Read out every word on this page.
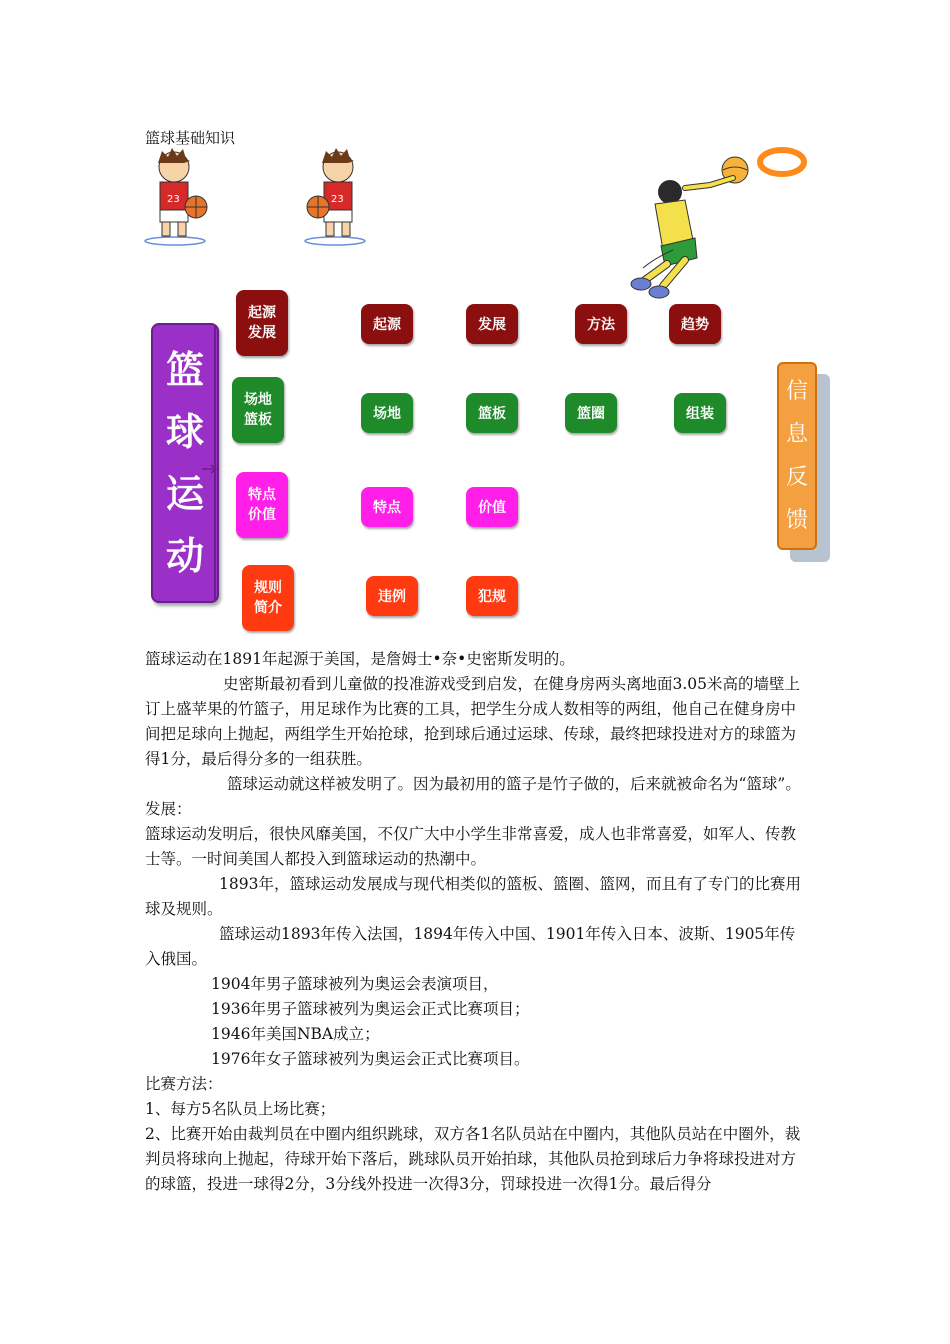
篮球基础知识
23	23
篮
球
运
动
起源
发展
场地
篮板
特点
价值
规则
简介
起源	发展	方法	趋势
场地	篮板	篮圈	组装
特点	价值
违例	犯规
信
息
反
馈

篮球运动在1891年起源于美国，是詹姆士•奈•史密斯发明的。

史密斯最初看到儿童做的投准游戏受到启发，在健身房两头离地面3.05米高的墙壁上订上盛苹果的竹篮子，用足球作为比赛的工具，把学生分成人数相等的两组，他自己在健身房中间把足球向上抛起，两组学生开始抢球，抢到球后通过运球、传球，最终把球投进对方的球篮为得1分，最后得分多的一组获胜。

篮球运动就这样被发明了。因为最初用的篮子是竹子做的，后来就被命名为“篮球”。

发展：

篮球运动发明后，很快风靡美国，不仅广大中小学生非常喜爱，成人也非常喜爱，如军人、传教士等。一时间美国人都投入到篮球运动的热潮中。

1893年，篮球运动发展成与现代相类似的篮板、篮圈、篮网，而且有了专门的比赛用球及规则。

篮球运动1893年传入法国，1894年传入中国、1901年传入日本、波斯、1905年传入俄国。

1904年男子篮球被列为奥运会表演项目，

1936年男子篮球被列为奥运会正式比赛项目；

1946年美国NBA成立；

1976年女子篮球被列为奥运会正式比赛项目。

比赛方法：

1、每方5名队员上场比赛；

2、比赛开始由裁判员在中圈内组织跳球，双方各1名队员站在中圈内，其他队员站在中圈外，裁判员将球向上抛起，待球开始下落后，跳球队员开始拍球，其他队员抢到球后力争将球投进对方的球篮，投进一球得2分，3分线外投进一次得3分，罚球投进一次得1分。最后得分
